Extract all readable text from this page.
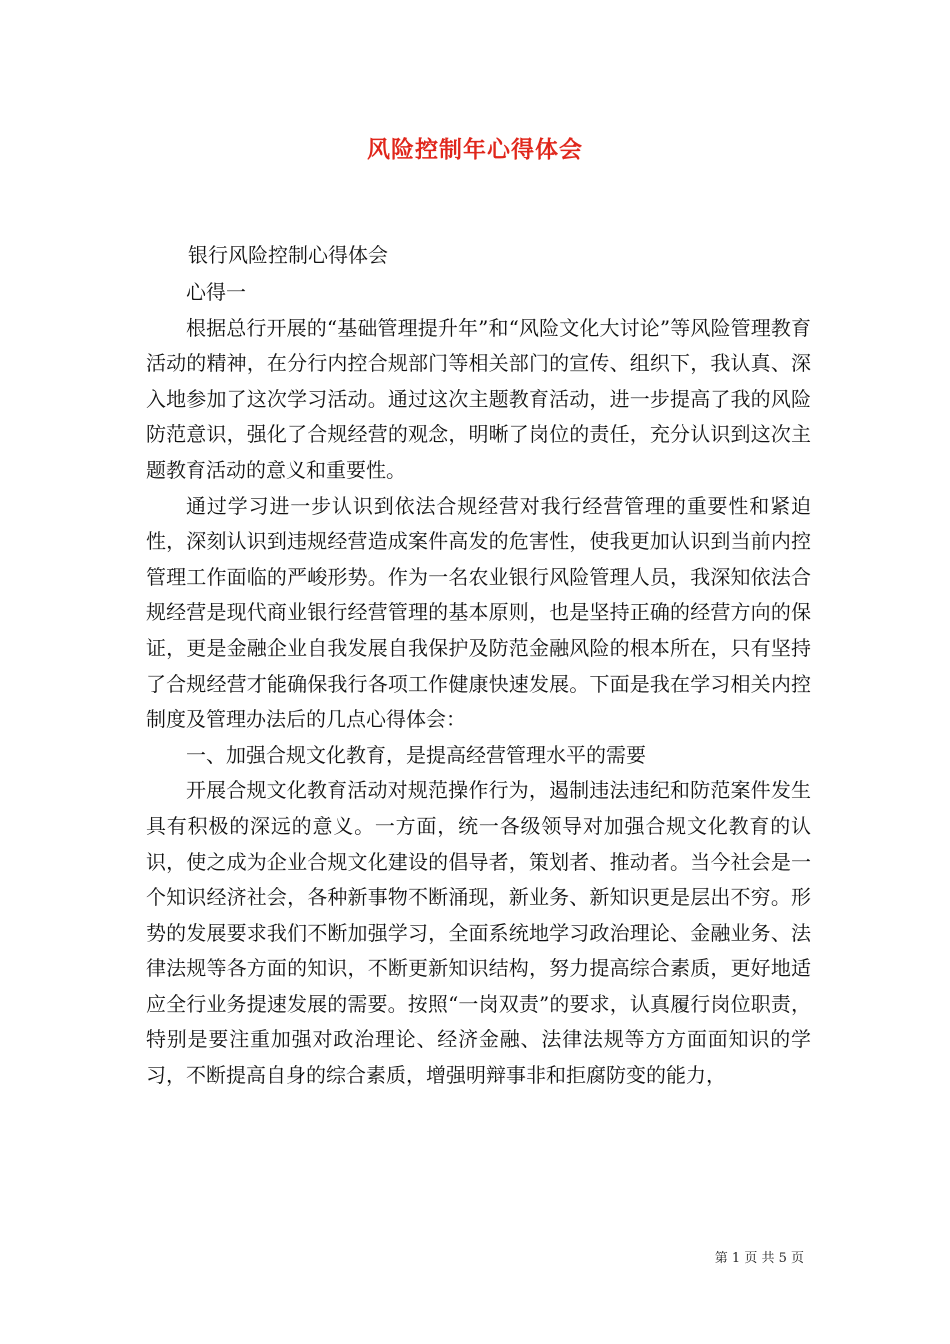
风险控制年心得体会
银行风险控制心得体会

心得一

根据总行开展的“基础管理提升年”和“风险文化大讨论”等风险管理教育活动的精神，在分行内控合规部门等相关部门的宣传、组织下，我认真、深入地参加了这次学习活动。通过这次主题教育活动，进一步提高了我的风险防范意识，强化了合规经营的观念，明晰了岗位的责任，充分认识到这次主题教育活动的意义和重要性。

通过学习进一步认识到依法合规经营对我行经营管理的重要性和紧迫性，深刻认识到违规经营造成案件高发的危害性，使我更加认识到当前内控管理工作面临的严峻形势。作为一名农业银行风险管理人员，我深知依法合规经营是现代商业银行经营管理的基本原则，也是坚持正确的经营方向的保证，更是金融企业自我发展自我保护及防范金融风险的根本所在，只有坚持了合规经营才能确保我行各项工作健康快速发展。下面是我在学习相关内控制度及管理办法后的几点心得体会：

一、加强合规文化教育，是提高经营管理水平的需要

开展合规文化教育活动对规范操作行为，遏制违法违纪和防范案件发生具有积极的深远的意义。一方面，统一各级领导对加强合规文化教育的认识，使之成为企业合规文化建设的倡导者，策划者、推动者。当今社会是一个知识经济社会，各种新事物不断涌现，新业务、新知识更是层出不穷。形势的发展要求我们不断加强学习，全面系统地学习政治理论、金融业务、法律法规等各方面的知识，不断更新知识结构，努力提高综合素质，更好地适应全行业务提速发展的需要。按照“一岗双责”的要求，认真履行岗位职责，特别是要注重加强对政治理论、经济金融、法律法规等方方面面知识的学习，不断提高自身的综合素质，增强明辩事非和拒腐防变的能力，

第 1 页 共 5 页
